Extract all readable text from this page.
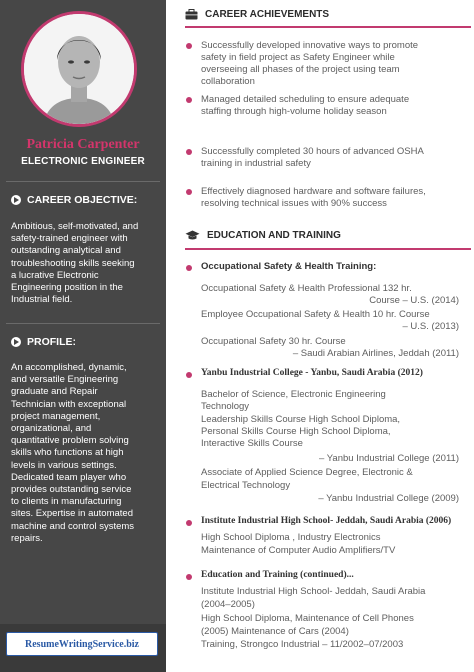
Patricia Carpenter
ELECTRONIC ENGINEER
CAREER OBJECTIVE:
Ambitious, self-motivated, and
safety-trained engineer with
outstanding analytical and
troubleshooting skills seeking
a lucrative Electronic
Engineering position in the
Industrial field.
PROFILE:
An accomplished, dynamic,
and versatile Engineering
graduate and Repair
Technician with exceptional
project management,
organizational, and
quantitative problem solving
skills who functions at high
levels in various settings.
Dedicated team player who
provides outstanding service
to clients in manufacturing
sites. Expertise in automated
machine and control systems
repairs.
ResumeWritingService.biz
CAREER ACHIEVEMENTS
Successfully developed innovative ways to promote
safety in field project as Safety Engineer while
overseeing all phases of the project using team
collaboration
Managed detailed scheduling to ensure adequate
staffing through high-volume holiday season
Successfully completed 30 hours of advanced OSHA
training in industrial safety
Effectively diagnosed hardware and software failures,
resolving technical issues with 90% success
EDUCATION AND TRAINING
Occupational Safety & Health Training:
Occupational Safety & Health Professional 132 hr.
Course – U.S. (2014)
Employee Occupational Safety & Health 10 hr. Course
– U.S. (2013)
Occupational Safety 30 hr. Course
– Saudi Arabian Airlines, Jeddah (2011)
Yanbu Industrial College - Yanbu, Saudi Arabia (2012)
Bachelor of Science, Electronic Engineering
Technology
Leadership Skills Course High School Diploma,
Personal Skills Course High School Diploma,
Interactive Skills Course
– Yanbu Industrial College (2011)
Associate of Applied Science Degree, Electronic &
Electrical Technology
– Yanbu Industrial College (2009)
Institute Industrial High School- Jeddah, Saudi Arabia (2006)
High School Diploma , Industry Electronics
Maintenance of Computer Audio Amplifiers/TV
Education and Training (continued)...
Institute Industrial High School- Jeddah, Saudi Arabia
(2004–2005)
High School Diploma, Maintenance of Cell Phones
(2005) Maintenance of Cars (2004)
Training, Strongco Industrial – 11/2002–07/2003
